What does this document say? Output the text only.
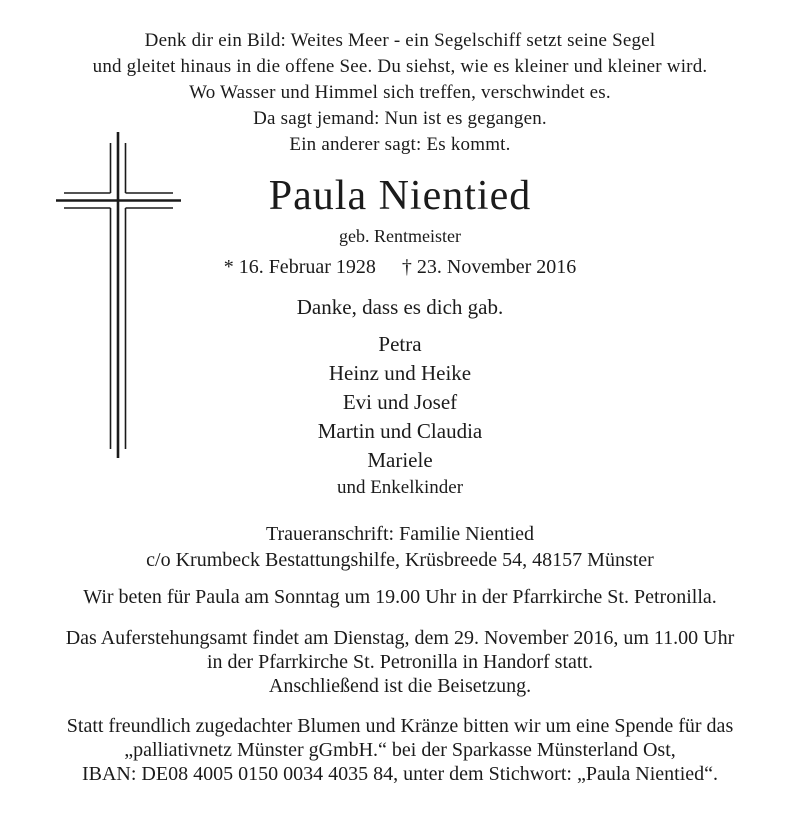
Denk dir ein Bild: Weites Meer - ein Segelschiff setzt seine Segel
und gleitet hinaus in die offene See. Du siehst, wie es kleiner und kleiner wird.
Wo Wasser und Himmel sich treffen, verschwindet es.
Da sagt jemand: Nun ist es gegangen.
Ein anderer sagt: Es kommt.
Paula Nientied
geb. Rentmeister
* 16. Februar 1928 † 23. November 2016
Danke, dass es dich gab.
Petra
Heinz und Heike
Evi und Josef
Martin und Claudia
Mariele
und Enkelkinder
Traueranschrift: Familie Nientied
c/o Krumbeck Bestattungshilfe, Krüsbreede 54, 48157 Münster
Wir beten für Paula am Sonntag um 19.00 Uhr in der Pfarrkirche St. Petronilla.
Das Auferstehungsamt findet am Dienstag, dem 29. November 2016, um 11.00 Uhr
in der Pfarrkirche St. Petronilla in Handorf statt.
Anschließend ist die Beisetzung.
Statt freundlich zugedachter Blumen und Kränze bitten wir um eine Spende für das
„palliativnetz Münster gGmbH.“ bei der Sparkasse Münsterland Ost,
IBAN: DE08 4005 0150 0034 4035 84, unter dem Stichwort: „Paula Nientied“.
